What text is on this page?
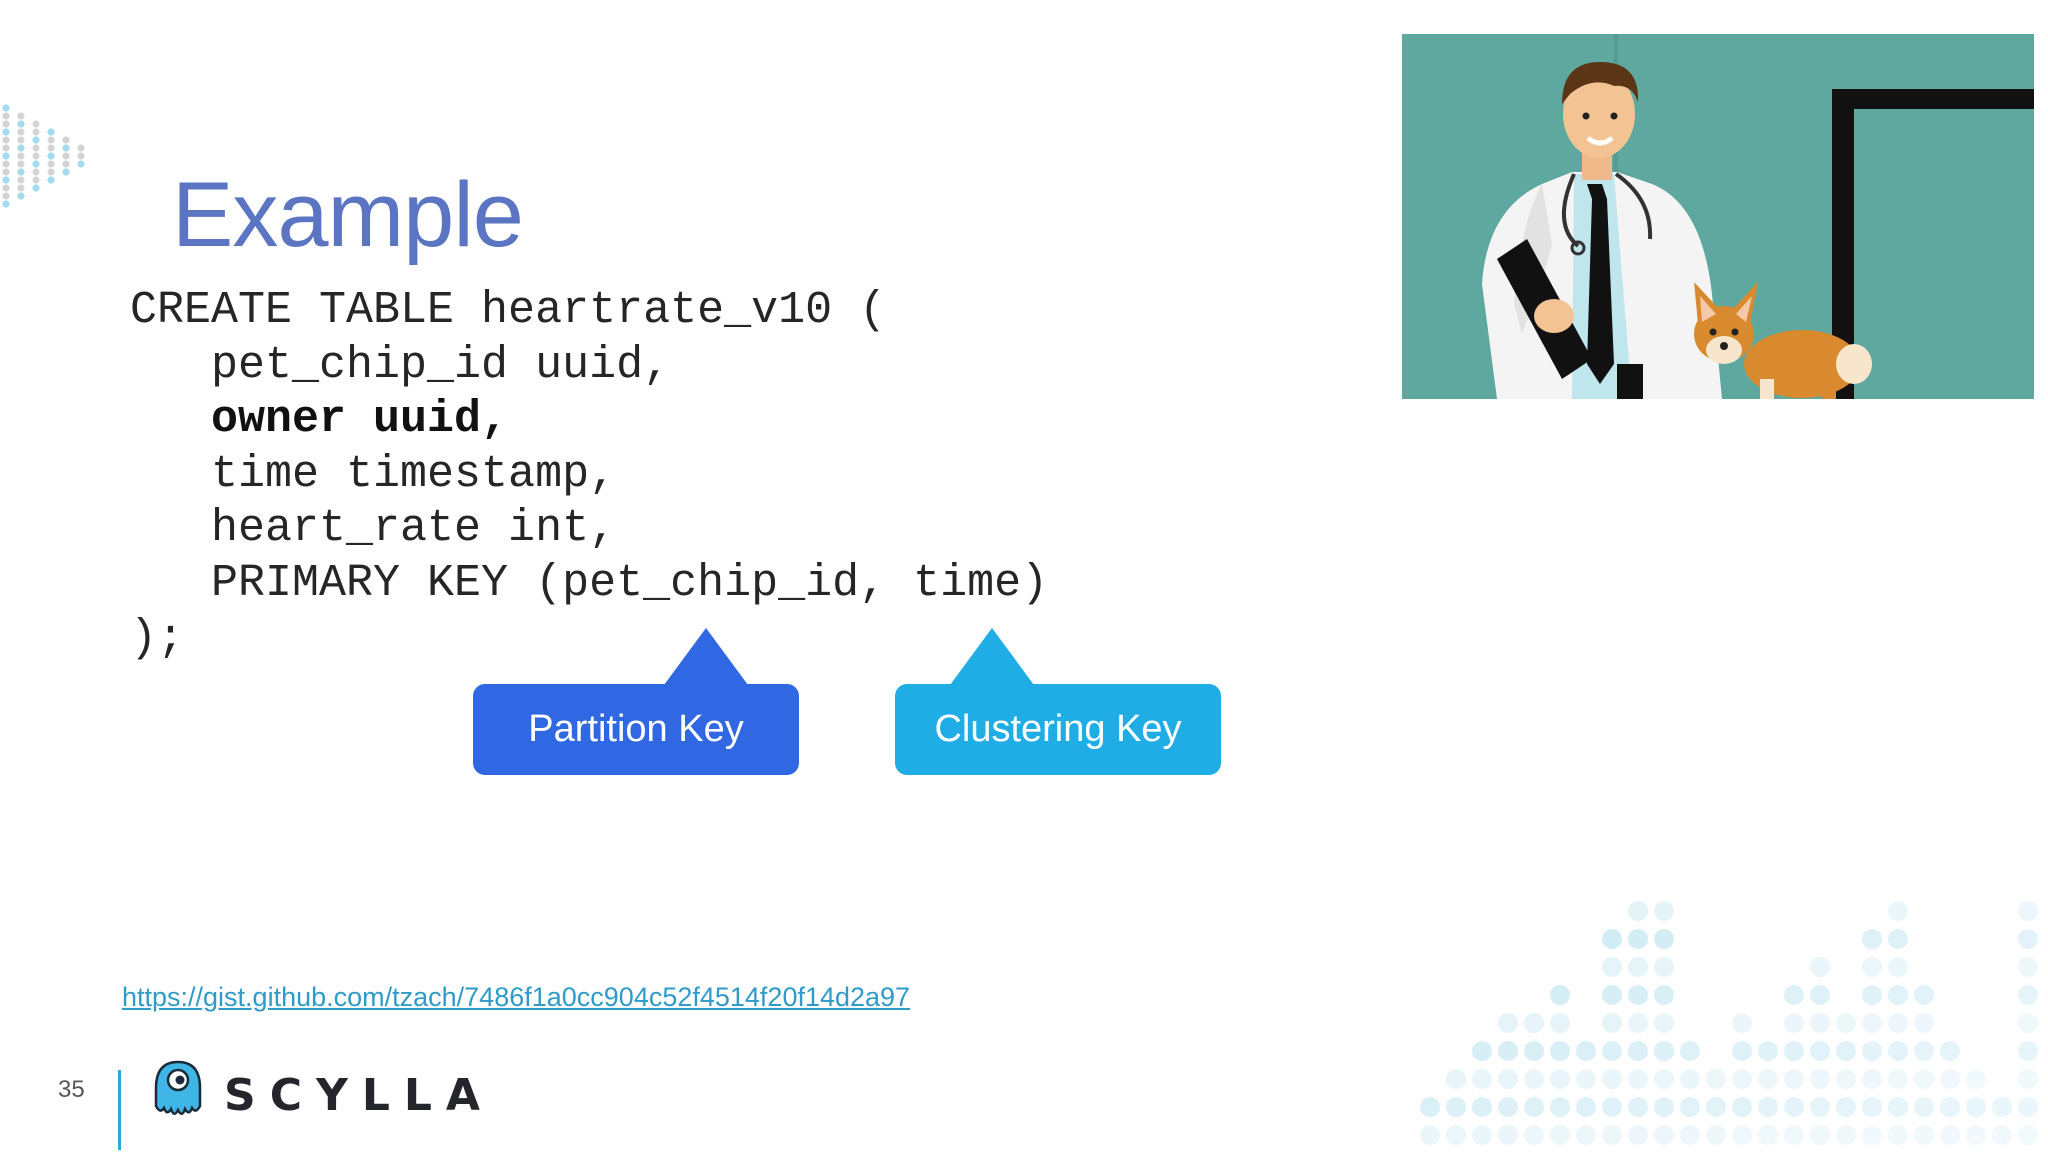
Example
CREATE TABLE heartrate_v10 (
pet_chip_id uuid,
owner uuid,
time timestamp,
heart_rate int,
PRIMARY KEY (pet_chip_id, time)
);
Partition Key	Clustering Key
https://gist.github.com/tzach/7486f1a0cc904c52f4514f20f14d2a97
35	SCYLLA
